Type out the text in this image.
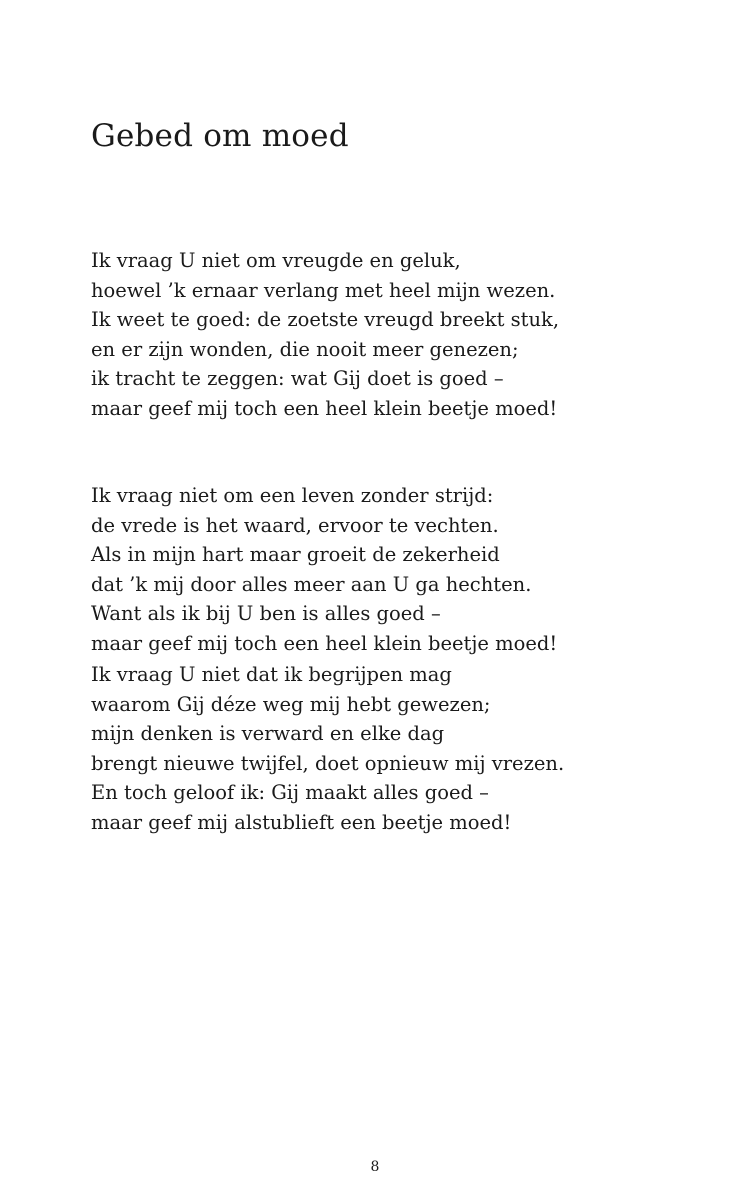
Gebed om moed
Ik vraag U niet om vreugde en geluk,
hoewel ’k ernaar verlang met heel mijn wezen.
Ik weet te goed: de zoetste vreugd breekt stuk,
en er zijn wonden, die nooit meer genezen;
ik tracht te zeggen: wat Gij doet is goed –
maar geef mij toch een heel klein beetje moed!
Ik vraag niet om een leven zonder strijd:
de vrede is het waard, ervoor te vechten.
Als in mijn hart maar groeit de zekerheid
dat ’k mij door alles meer aan U ga hechten.
Want als ik bij U ben is alles goed –
maar geef mij toch een heel klein beetje moed!
Ik vraag U niet dat ik begrijpen mag
waarom Gij déze weg mij hebt gewezen;
mijn denken is verward en elke dag
brengt nieuwe twijfel, doet opnieuw mij vrezen.
En toch geloof ik: Gij maakt alles goed –
maar geef mij alstublieft een beetje moed!
8
